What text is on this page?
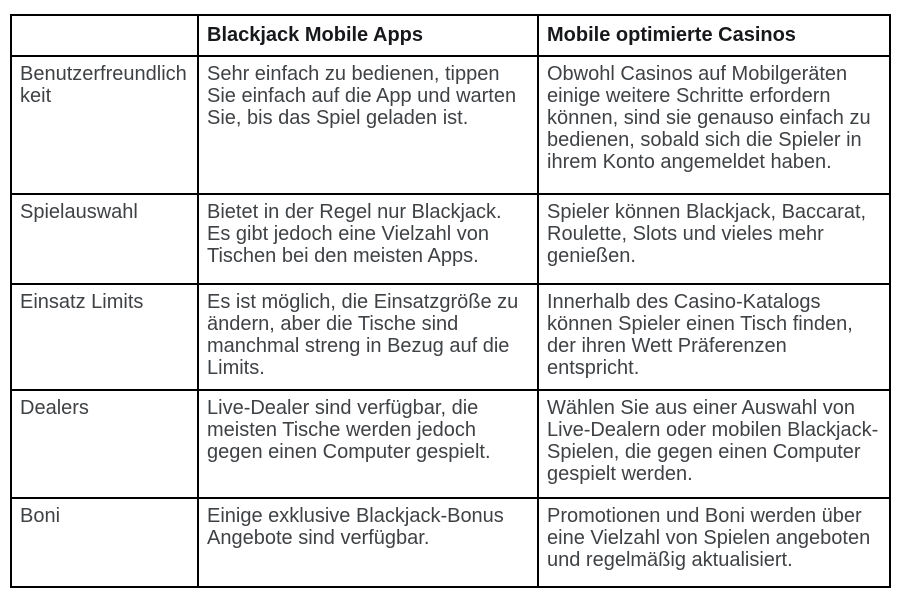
	Blackjack Mobile Apps	Mobile optimierte Casinos
Benutzerfreundlichkeit	Sehr einfach zu bedienen, tippen Sie einfach auf die App und warten Sie, bis das Spiel geladen ist.	Obwohl Casinos auf Mobilgeräten einige weitere Schritte erfordern können, sind sie genauso einfach zu bedienen, sobald sich die Spieler in ihrem Konto angemeldet haben.
Spielauswahl	Bietet in der Regel nur Blackjack. Es gibt jedoch eine Vielzahl von Tischen bei den meisten Apps.	Spieler können Blackjack, Baccarat, Roulette, Slots und vieles mehr genießen.
Einsatz Limits	Es ist möglich, die Einsatzgröße zu ändern, aber die Tische sind manchmal streng in Bezug auf die Limits.	Innerhalb des Casino-Katalogs können Spieler einen Tisch finden, der ihren Wett Präferenzen entspricht.
Dealers	Live-Dealer sind verfügbar, die meisten Tische werden jedoch gegen einen Computer gespielt.	Wählen Sie aus einer Auswahl von Live-Dealern oder mobilen Blackjack-Spielen, die gegen einen Computer gespielt werden.
Boni	Einige exklusive Blackjack-Bonus Angebote sind verfügbar.	Promotionen und Boni werden über eine Vielzahl von Spielen angeboten und regelmäßig aktualisiert.
